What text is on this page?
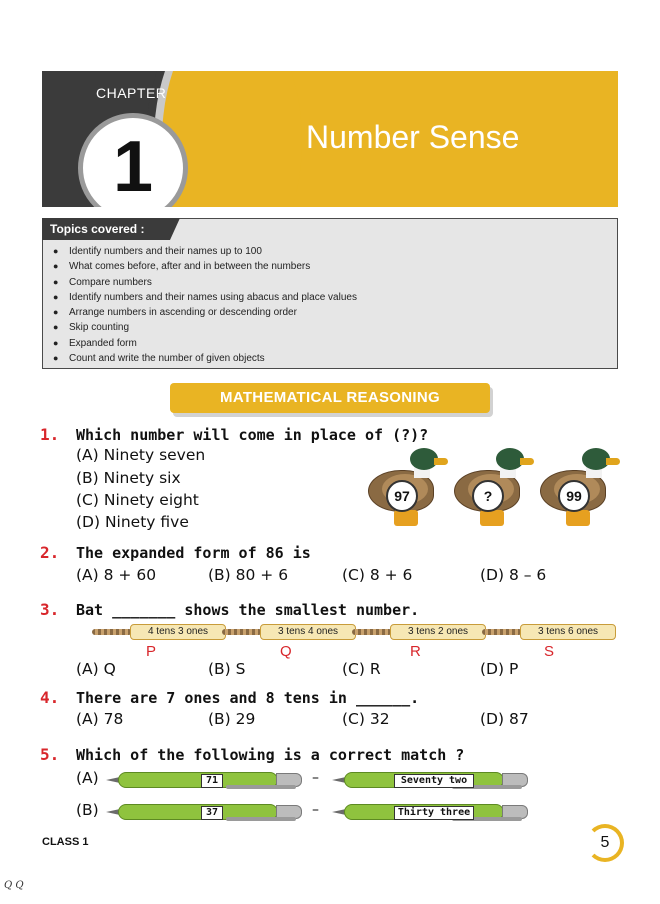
CHAPTER
1	Number Sense
Topics covered :
● Identify numbers and their names up to 100
● What comes before, after and in between the numbers
● Compare numbers
● Identify numbers and their names using abacus and place values
● Arrange numbers in ascending or descending order
● Skip counting
● Expanded form
● Count and write the number of given objects
MATHEMATICAL REASONING
1. Which number will come in place of (?)?
(A) Ninety seven
(B) Ninety six
(C) Ninety eight
(D) Ninety five
97	?	99
2. The expanded form of 86 is
(A) 8 + 60	(B) 80 + 6	(C) 8 + 6	(D) 8 – 6
3. Bat _______ shows the smallest number.
4 tens 3 ones	3 tens 4 ones	3 tens 2 ones	3 tens 6 ones
P	Q	R	S
(A) Q	(B) S	(C) R	(D) P
4. There are 7 ones and 8 tens in ______.
(A) 78	(B) 29	(C) 32	(D) 87
5. Which of the following is a correct match ?
(A)	71	–	Seventy two
(B)	37	–	Thirty three
CLASS 1	5
Q Q
